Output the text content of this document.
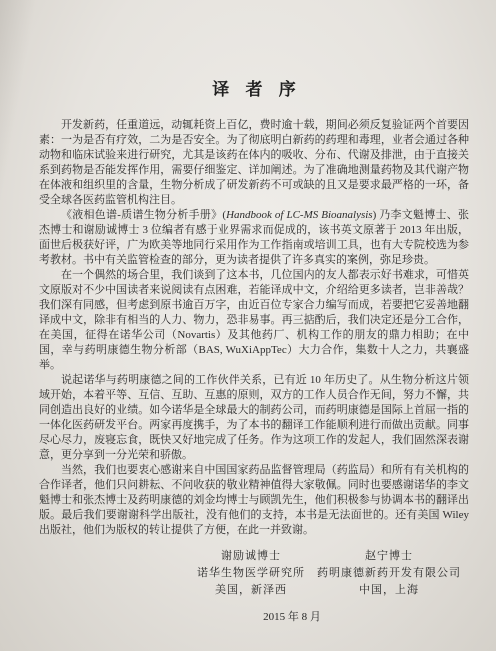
译 者 序

开发新药，任重道远，动辄耗资上百亿，费时逾十载，期间必须反复验证两个首要因素：一为是否有疗效，二为是否安全。为了彻底明白新药的药理和毒理，业者会通过各种动物和临床试验来进行研究，尤其是该药在体内的吸收、分布、代谢及排泄，由于直接关系到药物是否能发挥作用，需要仔细鉴定、详加阐述。为了准确地测量药物及其代谢产物在体液和组织里的含量，生物分析成了研发新药不可或缺的且又是要求最严格的一环，备受全球各医药监管机构注目。

《液相色谱-质谱生物分析手册》(Handbook of LC-MS Bioanalysis) 乃李文魁博士、张杰博士和谢励诚博士 3 位编者有感于业界需求而促成的，该书英文原著于 2013 年出版，面世后极获好评，广为欧美等地同行采用作为工作指南或培训工具，也有大专院校选为参考教材。书中有关监管检查的部分，更为读者提供了许多真实的案例，弥足珍贵。

在一个偶然的场合里，我们谈到了这本书，几位国内的友人都表示好书难求，可惜英文原版对不少中国读者来说阅读有点困难，若能译成中文，介绍给更多读者，岂非善哉？我们深有同感，但考虑到原书逾百万字，由近百位专家合力编写而成，若要把它妥善地翻译成中文，除非有相当的人力、物力，恐非易事。再三掂酌后，我们决定还是分工合作，在美国，征得在诺华公司（Novartis）及其他药厂、机构工作的朋友的鼎力相助；在中国，幸与药明康德生物分析部（BAS, WuXiAppTec）大力合作，集数十人之力，共襄盛举。

说起诺华与药明康德之间的工作伙伴关系，已有近 10 年历史了。从生物分析这片领域开始，本着平等、互信、互助、互惠的原则，双方的工作人员合作无间，努力不懈，共同创造出良好的业绩。如今诺华是全球最大的制药公司，而药明康德是国际上首屈一指的一体化医药研发平台。两家再度携手，为了本书的翻译工作能顺利进行而做出贡献。同事尽心尽力，废寝忘食，既快又好地完成了任务。作为这项工作的发起人，我们固然深表谢意，更分享到一分光荣和骄傲。

当然，我们也要衷心感谢来自中国国家药品监督管理局（药监局）和所有有关机构的合作译者，他们只问耕耘、不问收获的敬业精神值得大家敬佩。同时也要感谢诺华的李文魁博士和张杰博士及药明康德的刘金均博士与顾凯先生，他们积极参与协调本书的翻译出版。最后我们要谢谢科学出版社，没有他们的支持，本书是无法面世的。还有美国 Wiley 出版社，他们为版权的转让提供了方便，在此一并致谢。

谢励诚博士
诺华生物医学研究所
美国，新泽西
赵宁博士
药明康德新药开发有限公司
中国，上海
2015 年 8 月
